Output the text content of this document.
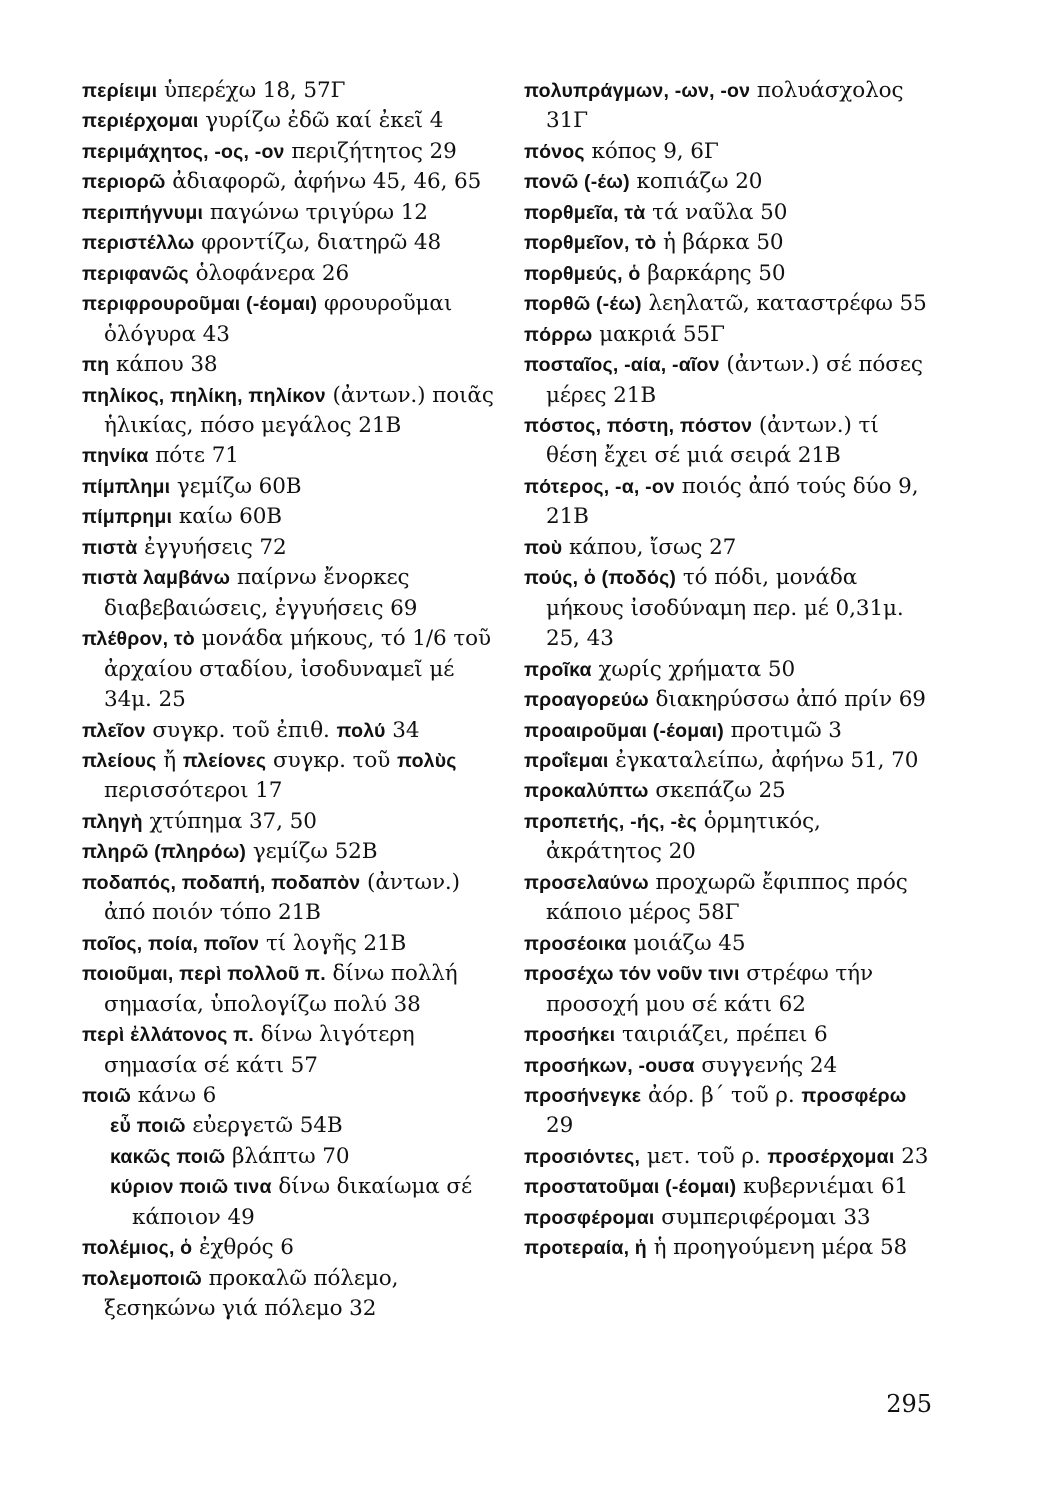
περίειμι ὑπερέχω 18, 57Γ

περιέρχομαι γυρίζω ἐδῶ καί ἐκεῖ 4

περιμάχητος, -ος, -ον περιζήτητος 29

περιορῶ ἀδιαφορῶ, ἀφήνω 45, 46, 65

περιπήγνυμι παγώνω τριγύρω 12

περιστέλλω φροντίζω, διατηρῶ 48

περιφανῶς ὁλοφάνερα 26

περιφρουροῦμαι (-έομαι) φρουροῦμαι ὁλόγυρα 43

πη κάπου 38

πηλίκος, πηλίκη, πηλίκον (ἀντων.) ποιᾶς ἡλικίας, πόσο μεγάλος 21Β

πηνίκα πότε 71

πίμπλημι γεμίζω 60Β

πίμπρημι καίω 60Β

πιστὰ ἐγγυήσεις 72

πιστὰ λαμβάνω παίρνω ἔνορκες διαβεβαιώσεις, ἐγγυήσεις 69

πλέθρον, τὸ μονάδα μήκους, τό 1/6 τοῦ ἀρχαίου σταδίου, ἰσοδυναμεῖ μέ 34μ. 25

πλεῖον συγκρ. τοῦ ἐπιθ. πολύ 34

πλείους ἤ πλείονες συγκρ. τοῦ πολὺς περισσότεροι 17

πληγὴ χτύπημα 37, 50

πληρῶ (πληρόω) γεμίζω 52Β

ποδαπός, ποδαπή, ποδαπὸν (ἀντων.) ἀπό ποιόν τόπο 21Β

ποῖος, ποία, ποῖον τί λογῆς 21Β

ποιοῦμαι, περὶ πολλοῦ π. δίνω πολλή σημασία, ὑπολογίζω πολύ 38

περὶ ἐλλάτονος π. δίνω λιγότερη σημασία σέ κάτι 57

ποιῶ κάνω 6

εὖ ποιῶ εὐεργετῶ 54Β

κακῶς ποιῶ βλάπτω 70

κύριον ποιῶ τινα δίνω δικαίωμα σέ κάποιον 49

πολέμιος, ὁ ἐχθρός 6

πολεμοποιῶ προκαλῶ πόλεμο, ξεσηκώνω γιά πόλεμο 32

πολυπράγμων, -ων, -ον πολυάσχολος 31Γ

πόνος κόπος 9, 6Γ

πονῶ (-έω) κοπιάζω 20

πορθμεῖα, τὰ τά ναῦλα 50

πορθμεῖον, τὸ ἡ βάρκα 50

πορθμεύς, ὁ βαρκάρης 50

πορθῶ (-έω) λεηλατῶ, καταστρέφω 55

πόρρω μακριά 55Γ

ποσταῖος, -αία, -αῖον (ἀντων.) σέ πόσες μέρες 21Β

πόστος, πόστη, πόστον (ἀντων.) τί θέση ἔχει σέ μιά σειρά 21Β

πότερος, -α, -ον ποιός ἀπό τούς δύο 9, 21Β

ποὺ κάπου, ἴσως 27

πούς, ὁ (ποδός) τό πόδι, μονάδα μήκους ἰσοδύναμη περ. μέ 0,31μ. 25, 43

προῖκα χωρίς χρήματα 50

προαγορεύω διακηρύσσω ἀπό πρίν 69

προαιροῦμαι (-έομαι) προτιμῶ 3

προΐεμαι ἐγκαταλείπω, ἀφήνω 51, 70

προκαλύπτω σκεπάζω 25

προπετής, -ής, -ὲς ὁρμητικός, ἀκράτητος 20

προσελαύνω προχωρῶ ἔφιππος πρός κάποιο μέρος 58Γ

προσέοικα μοιάζω 45

προσέχω τόν νοῦν τινι στρέφω τήν προσοχή μου σέ κάτι 62

προσήκει ταιριάζει, πρέπει 6

προσήκων, -ουσα συγγενής 24

προσήνεγκε ἀόρ. β΄ τοῦ ρ. προσφέρω 29

προσιόντες, μετ. τοῦ ρ. προσέρχομαι 23

προστατοῦμαι (-έομαι) κυβερνιέμαι 61

προσφέρομαι συμπεριφέρομαι 33

προτεραία, ἡ ἡ προηγούμενη μέρα 58

295
